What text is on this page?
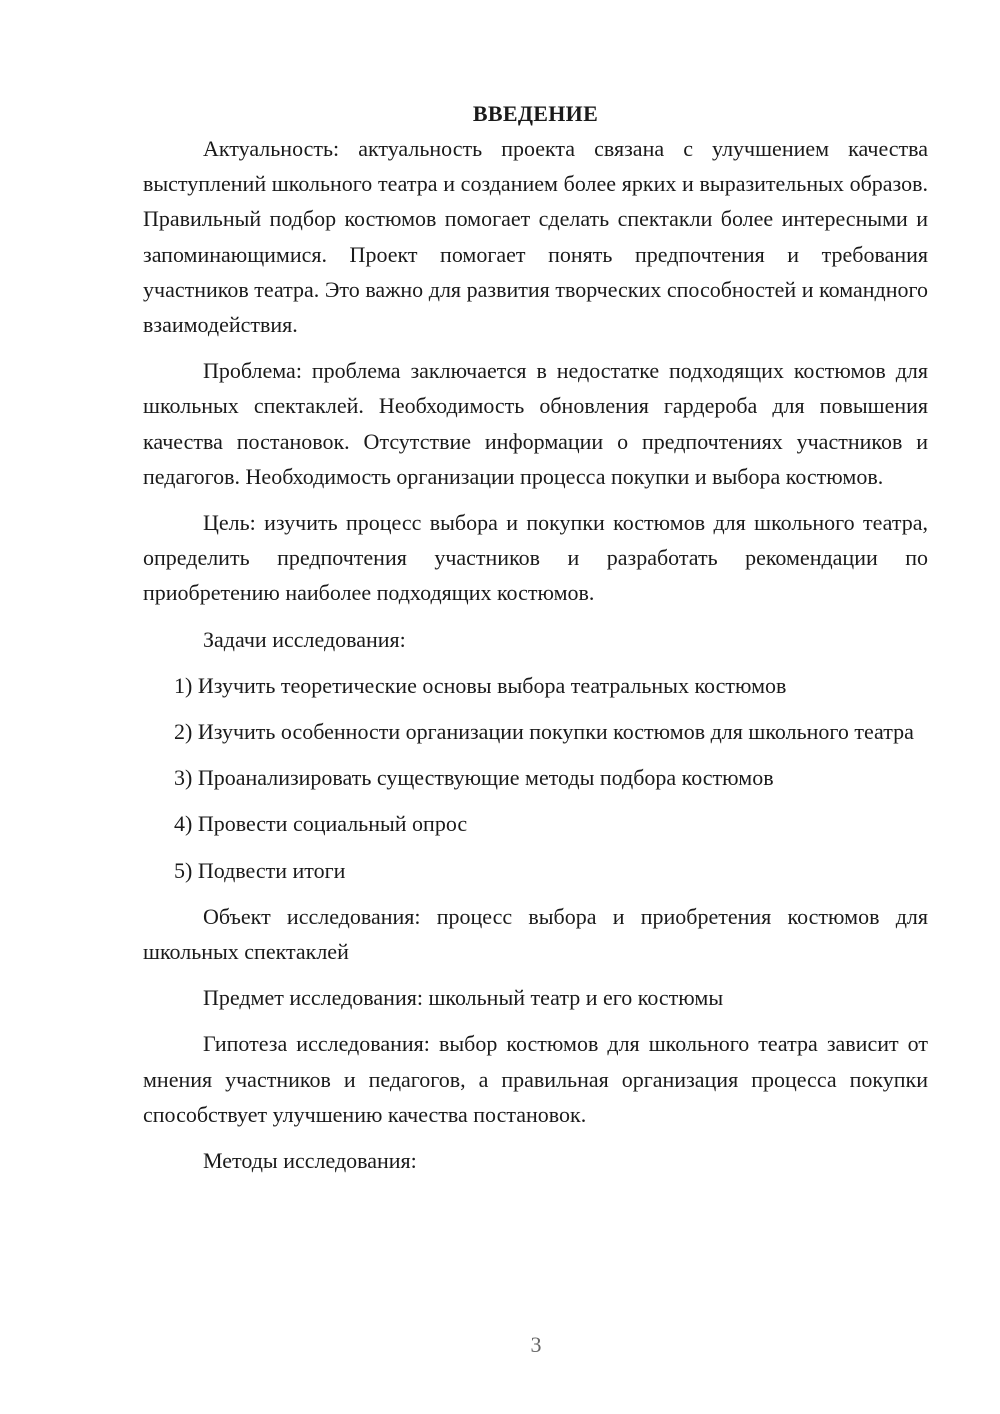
ВВЕДЕНИЕ

Актуальность: актуальность проекта связана с улучшением качества выступлений школьного театра и созданием более ярких и выразительных образов. Правильный подбор костюмов помогает сделать спектакли более интересными и запоминающимися. Проект помогает понять предпочтения и требования участников театра. Это важно для развития творческих способностей и командного взаимодействия.

Проблема: проблема заключается в недостатке подходящих костюмов для школьных спектаклей. Необходимость обновления гардероба для повышения качества постановок. Отсутствие информации о предпочтениях участников и педагогов. Необходимость организации процесса покупки и выбора костюмов.

Цель: изучить процесс выбора и покупки костюмов для школьного театра, определить предпочтения участников и разработать рекомендации по приобретению наиболее подходящих костюмов.

Задачи исследования:

1) Изучить теоретические основы выбора театральных костюмов

2) Изучить особенности организации покупки костюмов для школьного театра

3) Проанализировать существующие методы подбора костюмов

4) Провести социальный опрос

5) Подвести итоги

Объект исследования: процесс выбора и приобретения костюмов для школьных спектаклей

Предмет исследования: школьный театр и его костюмы

Гипотеза исследования: выбор костюмов для школьного театра зависит от мнения участников и педагогов, а правильная организация процесса покупки способствует улучшению качества постановок.

Методы исследования:

3
